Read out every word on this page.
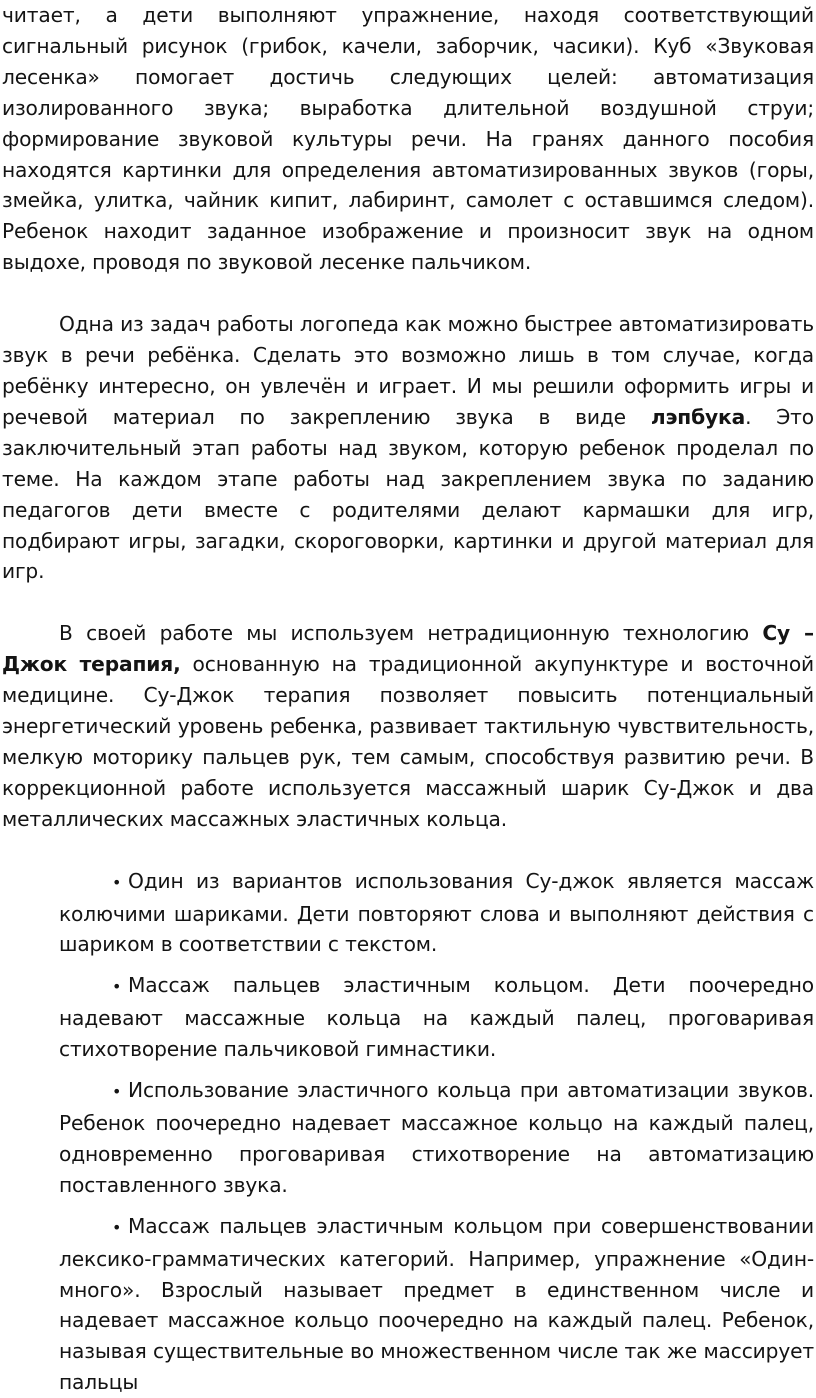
читает, а дети выполняют упражнение, находя соответствующий сигнальный рисунок (грибок, качели, заборчик, часики). Куб «Звуковая лесенка» помогает достичь следующих целей: автоматизация изолированного звука; выработка длительной воздушной струи; формирование звуковой культуры речи. На гранях данного пособия находятся картинки для определения автоматизированных звуков (горы, змейка, улитка, чайник кипит, лабиринт, самолет с оставшимся следом). Ребенок находит заданное изображение и произносит звук на одном выдохе, проводя по звуковой лесенке пальчиком.

Одна из задач работы логопеда как можно быстрее автоматизировать звук в речи ребёнка. Сделать это возможно лишь в том случае, когда ребёнку интересно, он увлечён и играет. И мы решили оформить игры и речевой материал по закреплению звука в виде лэпбука. Это заключительный этап работы над звуком, которую ребенок проделал по теме. На каждом этапе работы над закреплением звука по заданию педагогов дети вместе с родителями делают кармашки для игр, подбирают игры, загадки, скороговорки, картинки и другой материал для игр.

В своей работе мы используем нетрадиционную технологию Су –Джок терапия, основанную на традиционной акупунктуре и восточной медицине. Су-Джок терапия позволяет повысить потенциальный энергетический уровень ребенка, развивает тактильную чувствительность, мелкую моторику пальцев рук, тем самым, способствуя развитию речи. В коррекционной работе используется массажный шарик Су-Джок и два металлических массажных эластичных кольца.

• Один из вариантов использования Су-джок является массаж колючими шариками. Дети повторяют слова и выполняют действия с шариком в соответствии с текстом.

• Массаж пальцев эластичным кольцом. Дети поочередно надевают массажные кольца на каждый палец, проговаривая стихотворение пальчиковой гимнастики.

• Использование эластичного кольца при автоматизации звуков. Ребенок поочередно надевает массажное кольцо на каждый палец, одновременно проговаривая стихотворение на автоматизацию поставленного звука.

• Массаж пальцев эластичным кольцом при совершенствовании лексико-грамматических категорий. Например, упражнение «Один-много». Взрослый называет предмет в единственном числе и надевает массажное кольцо поочередно на каждый палец. Ребенок, называя существительные во множественном числе так же массирует пальцы
